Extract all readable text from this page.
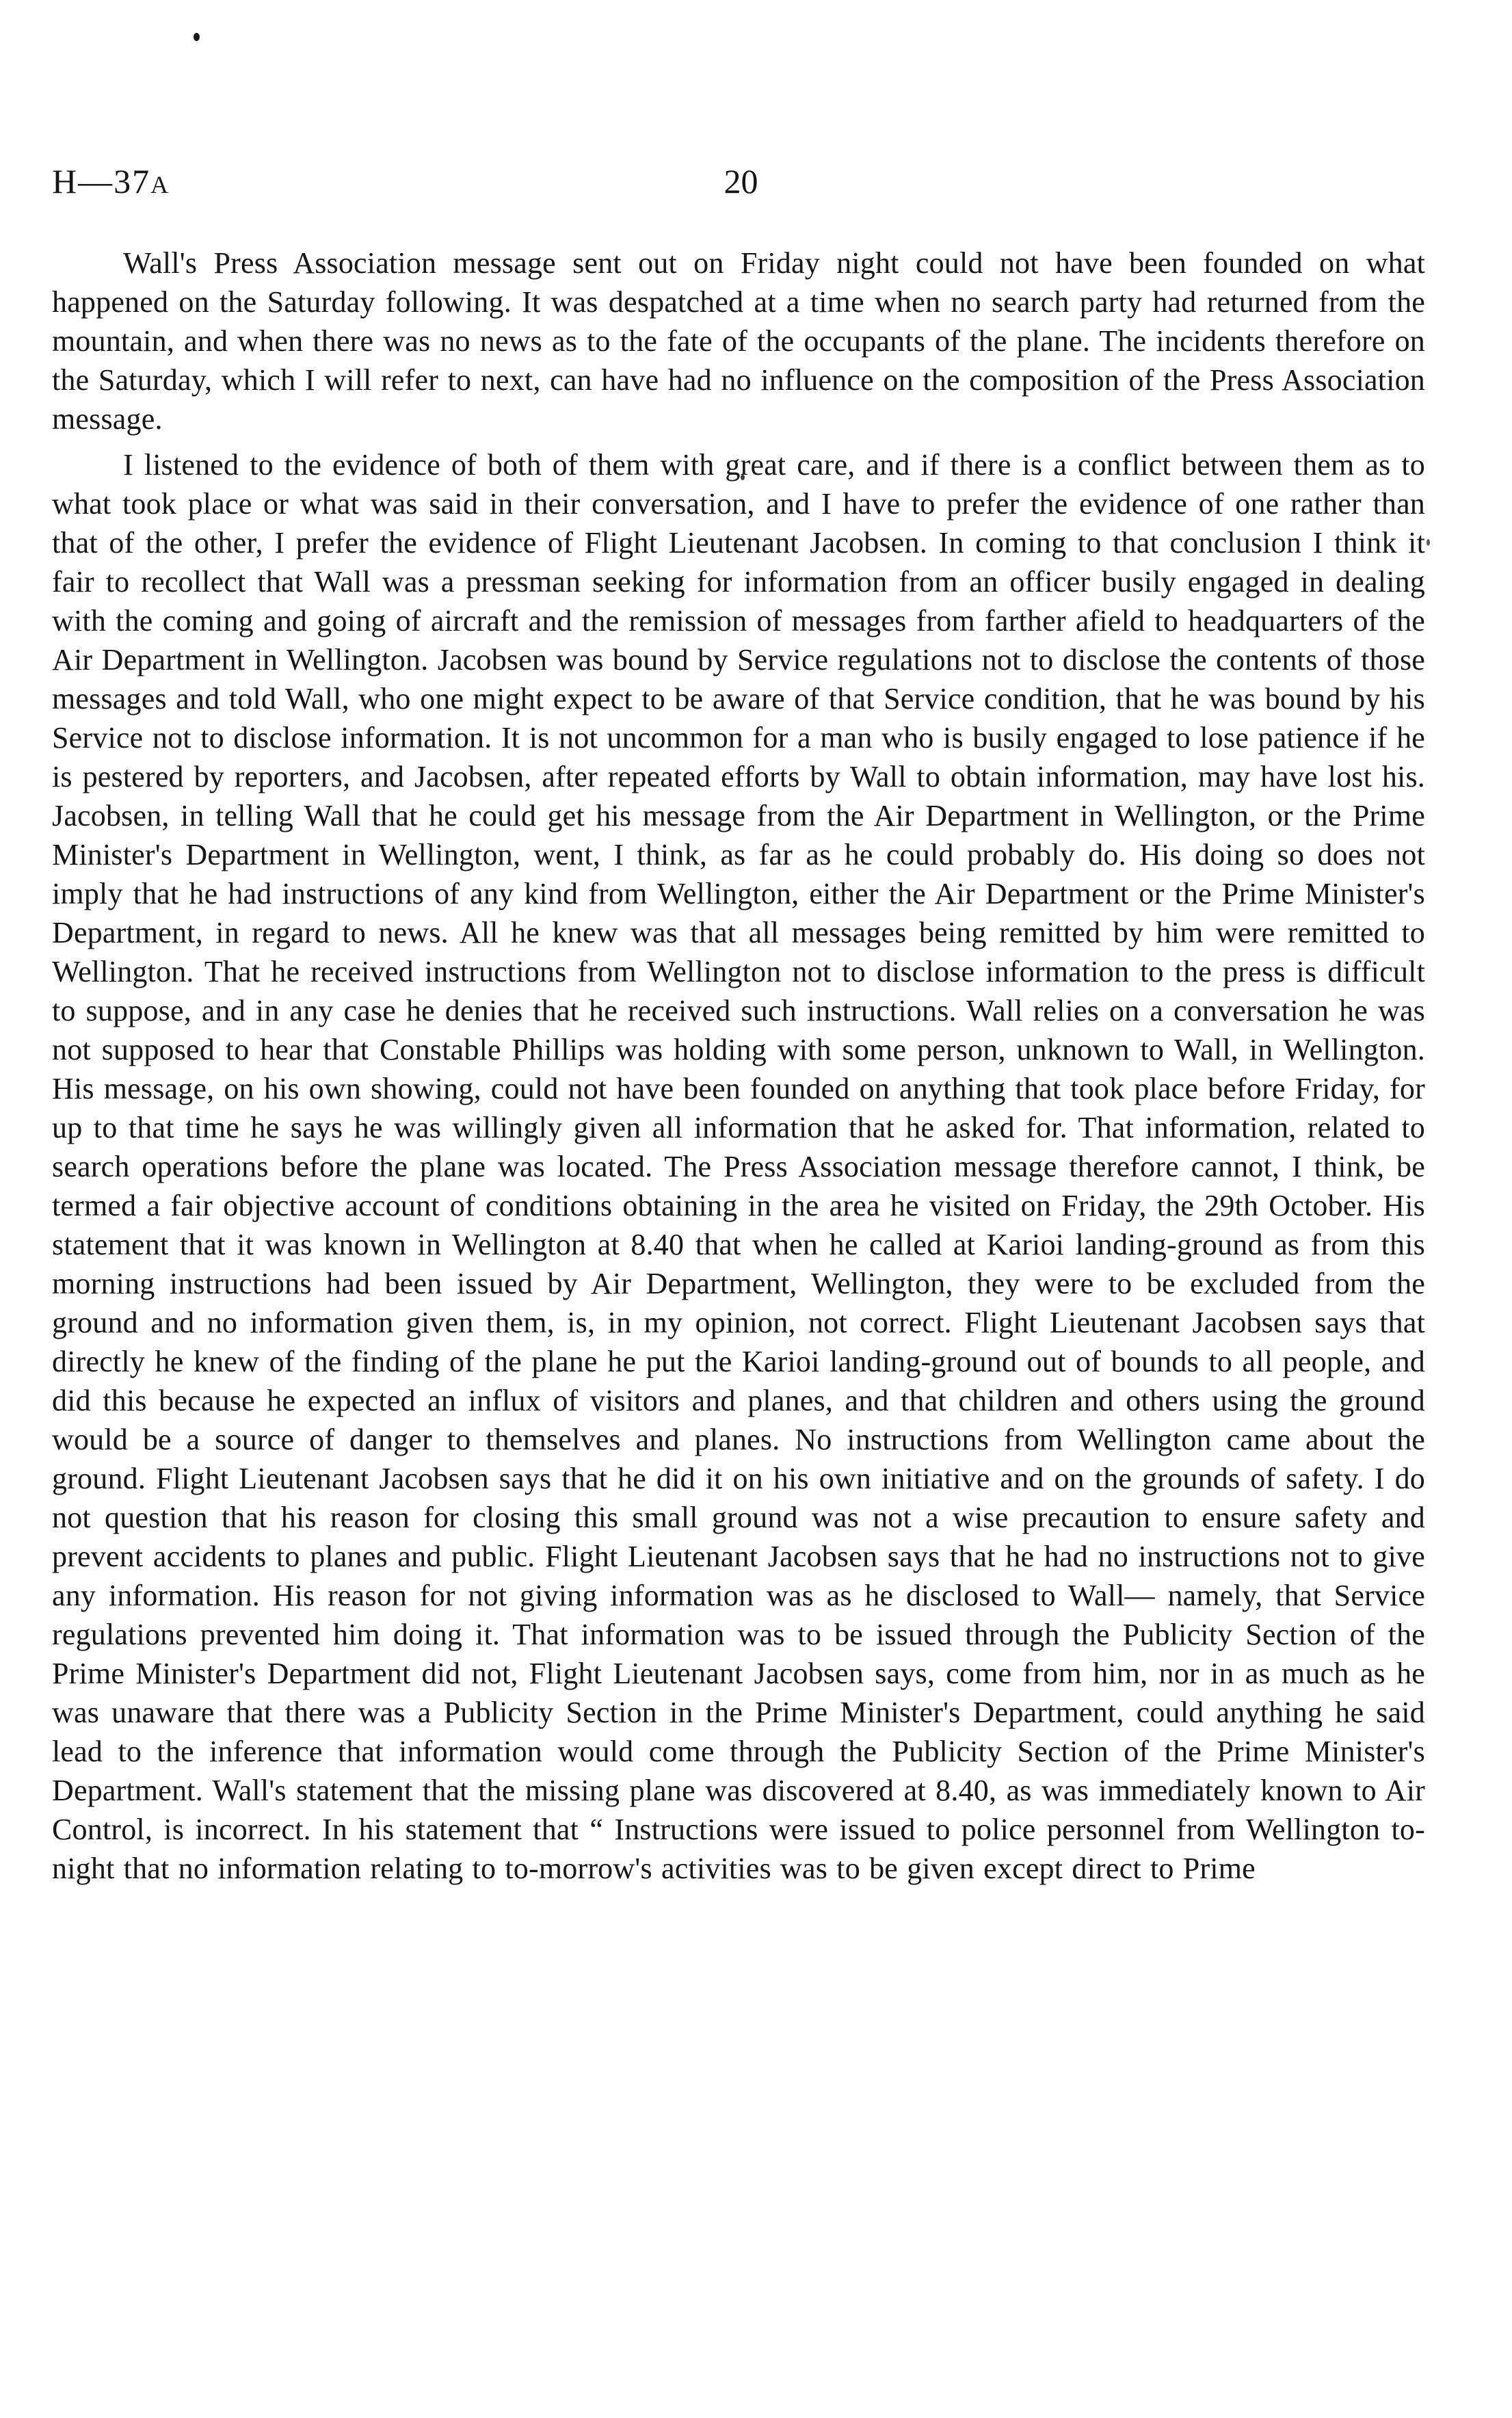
H—37A	20

Wall's Press Association message sent out on Friday night could not have been founded on what happened on the Saturday following. It was despatched at a time when no search party had returned from the mountain, and when there was no news as to the fate of the occupants of the plane. The incidents therefore on the Saturday, which I will refer to next, can have had no influence on the composition of the Press Association message.

I listened to the evidence of both of them with great care, and if there is a conflict between them as to what took place or what was said in their conversation, and I have to prefer the evidence of one rather than that of the other, I prefer the evidence of Flight Lieutenant Jacobsen. In coming to that conclusion I think it fair to recollect that Wall was a pressman seeking for information from an officer busily engaged in dealing with the coming and going of aircraft and the remission of messages from farther afield to headquarters of the Air Department in Wellington. Jacobsen was bound by Service regulations not to disclose the contents of those messages and told Wall, who one might expect to be aware of that Service condition, that he was bound by his Service not to disclose information. It is not uncommon for a man who is busily engaged to lose patience if he is pestered by reporters, and Jacobsen, after repeated efforts by Wall to obtain information, may have lost his. Jacobsen, in telling Wall that he could get his message from the Air Department in Wellington, or the Prime Minister's Department in Wellington, went, I think, as far as he could probably do. His doing so does not imply that he had instructions of any kind from Wellington, either the Air Department or the Prime Minister's Department, in regard to news. All he knew was that all messages being remitted by him were remitted to Wellington. That he received instructions from Wellington not to disclose information to the press is difficult to suppose, and in any case he denies that he received such instructions. Wall relies on a conversation he was not supposed to hear that Constable Phillips was holding with some person, unknown to Wall, in Wellington. His message, on his own showing, could not have been founded on anything that took place before Friday, for up to that time he says he was willingly given all information that he asked for. That information, related to search operations before the plane was located. The Press Association message therefore cannot, I think, be termed a fair objective account of conditions obtaining in the area he visited on Friday, the 29th October. His statement that it was known in Wellington at 8.40 that when he called at Karioi landing-ground as from this morning instructions had been issued by Air Department, Wellington, they were to be excluded from the ground and no information given them, is, in my opinion, not correct. Flight Lieutenant Jacobsen says that directly he knew of the finding of the plane he put the Karioi landing-ground out of bounds to all people, and did this because he expected an influx of visitors and planes, and that children and others using the ground would be a source of danger to themselves and planes. No instructions from Wellington came about the ground. Flight Lieutenant Jacobsen says that he did it on his own initiative and on the grounds of safety. I do not question that his reason for closing this small ground was not a wise precaution to ensure safety and prevent accidents to planes and public. Flight Lieutenant Jacobsen says that he had no instructions not to give any information. His reason for not giving information was as he disclosed to Wall— namely, that Service regulations prevented him doing it. That information was to be issued through the Publicity Section of the Prime Minister's Department did not, Flight Lieutenant Jacobsen says, come from him, nor in as much as he was unaware that there was a Publicity Section in the Prime Minister's Department, could anything he said lead to the inference that information would come through the Publicity Section of the Prime Minister's Department. Wall's statement that the missing plane was discovered at 8.40, as was immediately known to Air Control, is incorrect. In his statement that “ Instructions were issued to police personnel from Wellington to-night that no information relating to to-morrow's activities was to be given except direct to Prime
